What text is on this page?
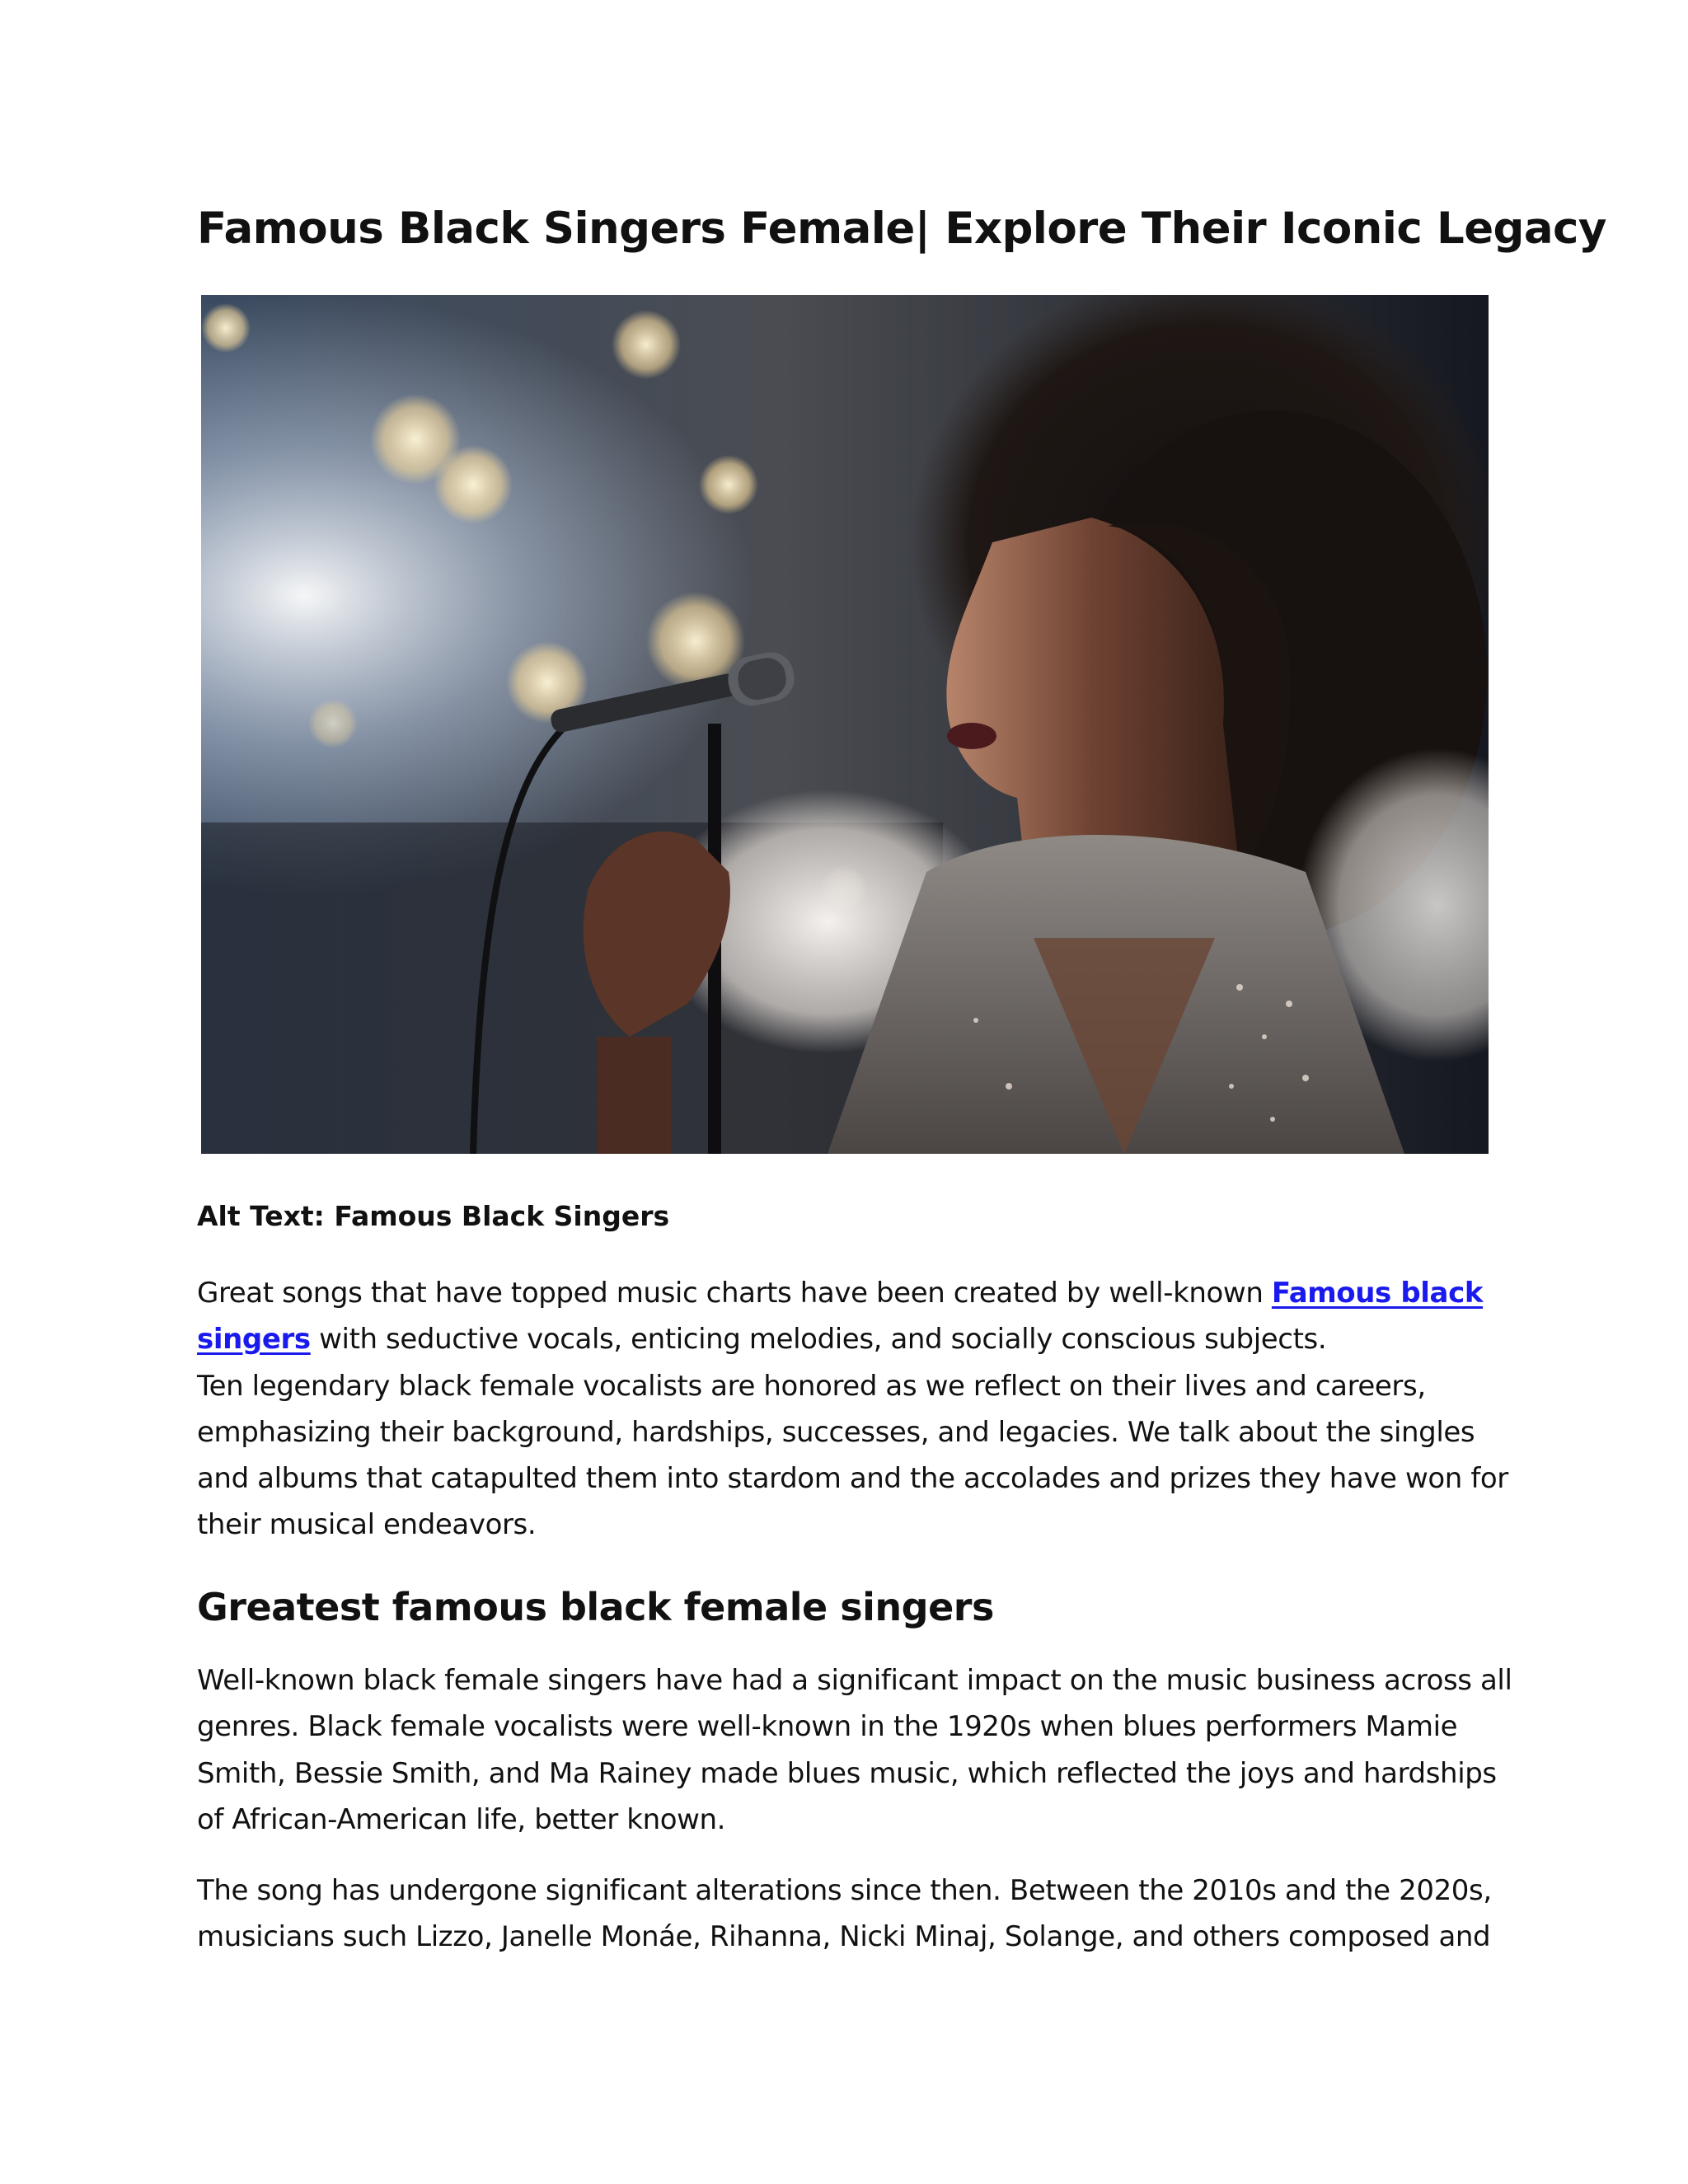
Famous Black Singers Female| Explore Their Iconic Legacy

Alt Text: Famous Black Singers

Great songs that have topped music charts have been created by well-known Famous black
singers with seductive vocals, enticing melodies, and socially conscious subjects.
Ten legendary black female vocalists are honored as we reflect on their lives and careers,
emphasizing their background, hardships, successes, and legacies. We talk about the singles
and albums that catapulted them into stardom and the accolades and prizes they have won for
their musical endeavors.
Greatest famous black female singers
Well-known black female singers have had a significant impact on the music business across all
genres. Black female vocalists were well-known in the 1920s when blues performers Mamie
Smith, Bessie Smith, and Ma Rainey made blues music, which reflected the joys and hardships
of African-American life, better known.
The song has undergone significant alterations since then. Between the 2010s and the 2020s,
musicians such Lizzo, Janelle Monáe, Rihanna, Nicki Minaj, Solange, and others composed and
